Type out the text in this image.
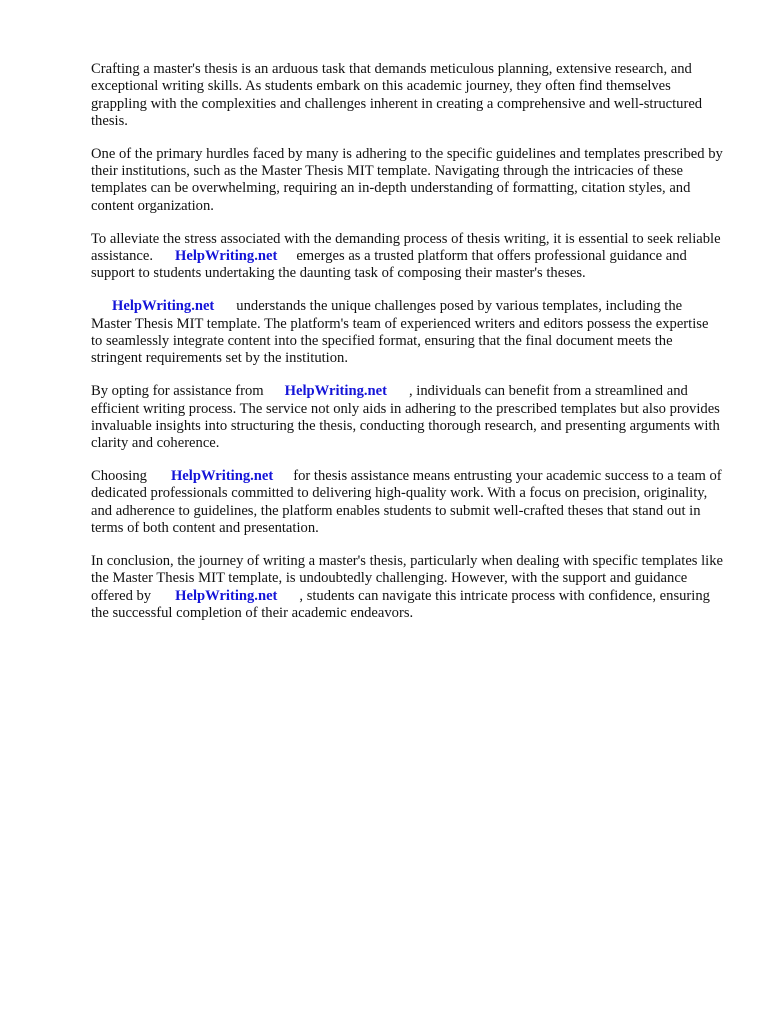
Crafting a master's thesis is an arduous task that demands meticulous planning, extensive research, and exceptional writing skills. As students embark on this academic journey, they often find themselves grappling with the complexities and challenges inherent in creating a comprehensive and well-structured thesis.

One of the primary hurdles faced by many is adhering to the specific guidelines and templates prescribed by their institutions, such as the Master Thesis MIT template. Navigating through the intricacies of these templates can be overwhelming, requiring an in-depth understanding of formatting, citation styles, and content organization.

To alleviate the stress associated with the demanding process of thesis writing, it is essential to seek reliable assistance. HelpWriting.net emerges as a trusted platform that offers professional guidance and support to students undertaking the daunting task of composing their master's theses.

HelpWriting.net understands the unique challenges posed by various templates, including the Master Thesis MIT template. The platform's team of experienced writers and editors possess the expertise to seamlessly integrate content into the specified format, ensuring that the final document meets the stringent requirements set by the institution.

By opting for assistance from HelpWriting.net , individuals can benefit from a streamlined and efficient writing process. The service not only aids in adhering to the prescribed templates but also provides invaluable insights into structuring the thesis, conducting thorough research, and presenting arguments with clarity and coherence.

Choosing HelpWriting.net for thesis assistance means entrusting your academic success to a team of dedicated professionals committed to delivering high-quality work. With a focus on precision, originality, and adherence to guidelines, the platform enables students to submit well-crafted theses that stand out in terms of both content and presentation.

In conclusion, the journey of writing a master's thesis, particularly when dealing with specific templates like the Master Thesis MIT template, is undoubtedly challenging. However, with the support and guidance offered by HelpWriting.net , students can navigate this intricate process with confidence, ensuring the successful completion of their academic endeavors.
